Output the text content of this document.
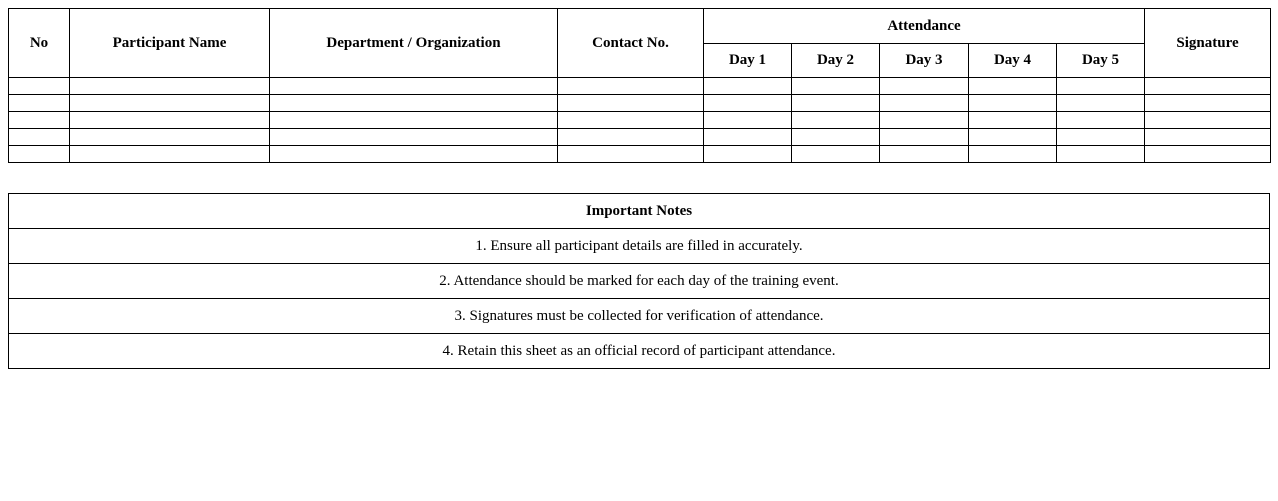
No	Participant Name	Department / Organization	Contact No.	Attendance					Signature
				Day 1	Day 2	Day 3	Day 4	Day 5	

Important Notes
1. Ensure all participant details are filled in accurately.
2. Attendance should be marked for each day of the training event.
3. Signatures must be collected for verification of attendance.
4. Retain this sheet as an official record of participant attendance.
